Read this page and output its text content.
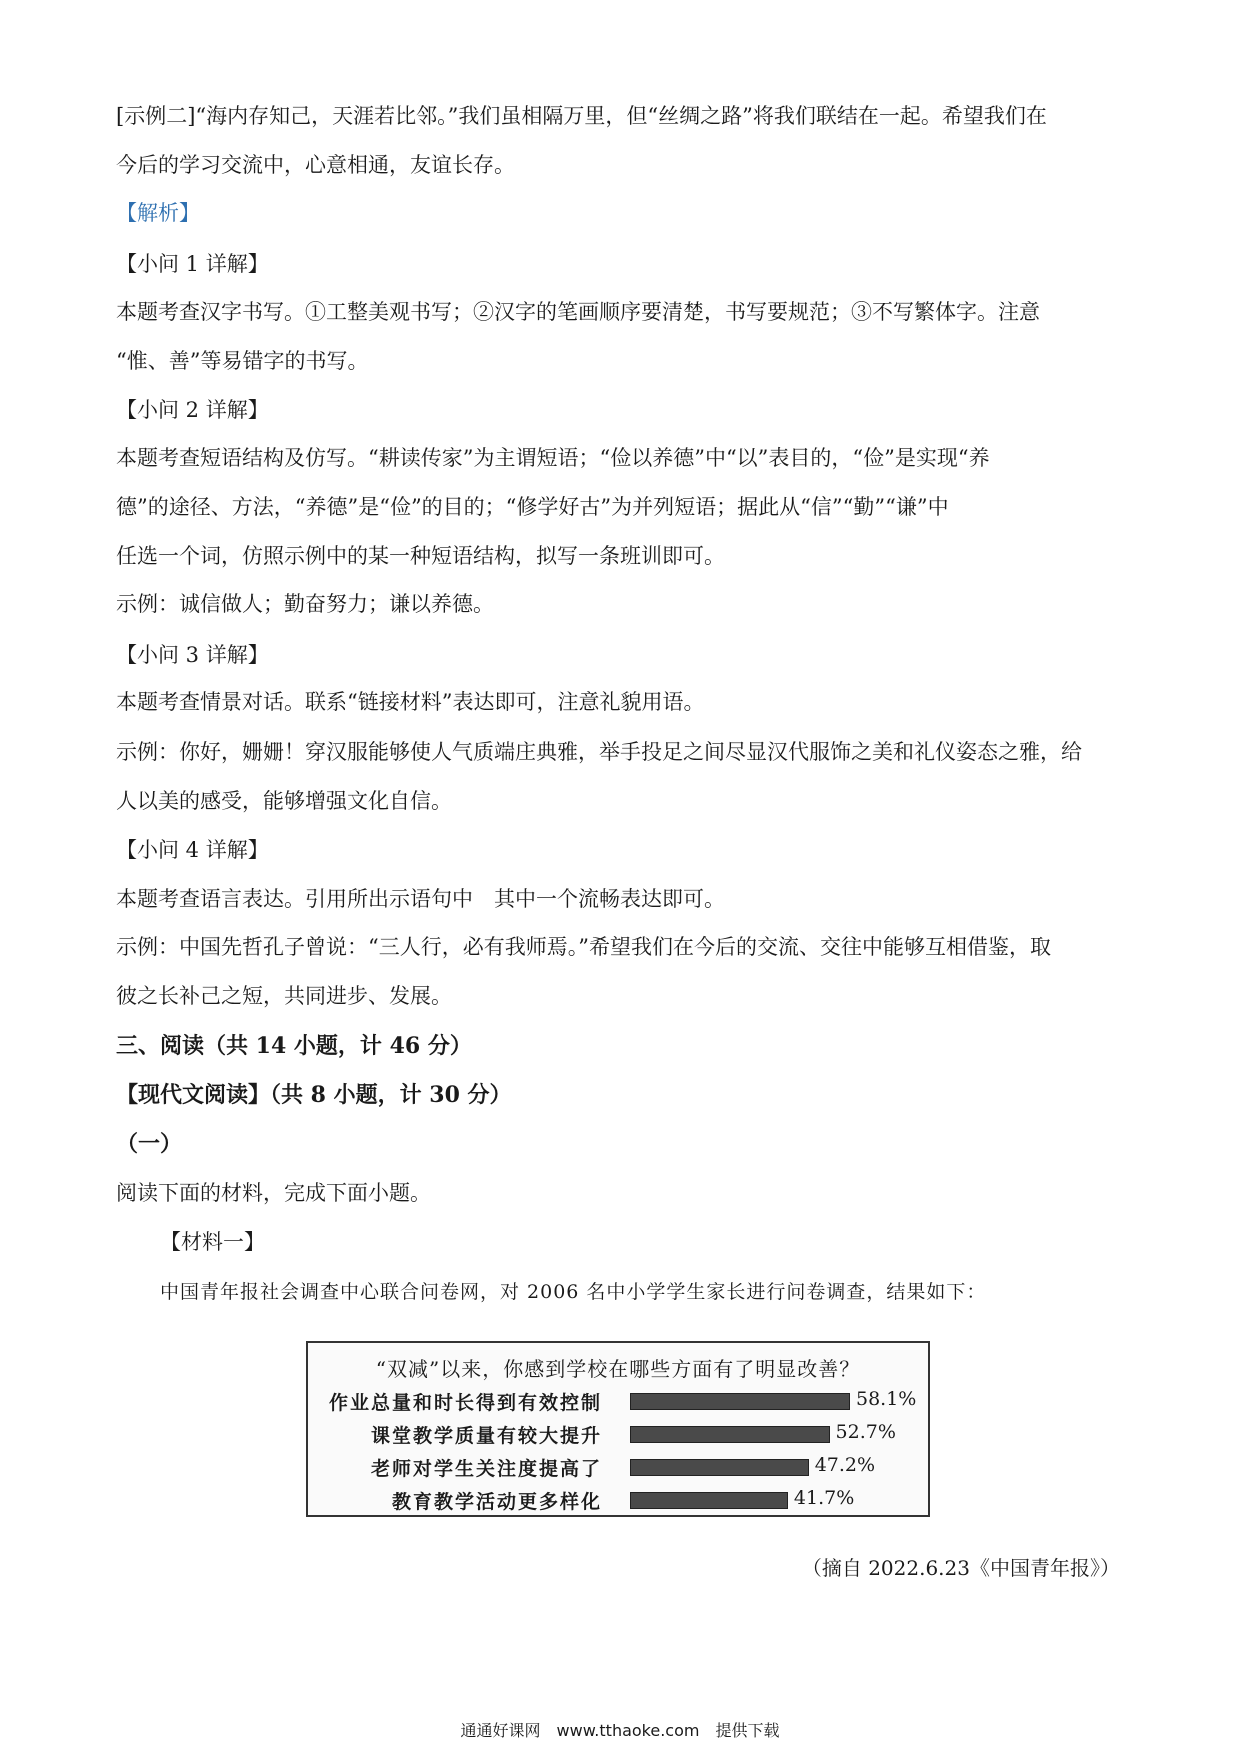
[示例二]“海内存知己，天涯若比邻。”我们虽相隔万里，但“丝绸之路”将我们联结在一起。希望我们在
今后的学习交流中，心意相通，友谊长存。
【解析】
【小问 1 详解】
本题考查汉字书写。①工整美观书写；②汉字的笔画顺序要清楚，书写要规范；③不写繁体字。注意
“惟、善”等易错字的书写。
【小问 2 详解】
本题考查短语结构及仿写。“耕读传家”为主谓短语；“俭以养德”中“以”表目的，“俭”是实现“养
德”的途径、方法，“养德”是“俭”的目的；“修学好古”为并列短语；据此从“信”“勤”“谦”中
任选一个词，仿照示例中的某一种短语结构，拟写一条班训即可。
示例：诚信做人；勤奋努力；谦以养德。
【小问 3 详解】
本题考查情景对话。联系“链接材料”表达即可，注意礼貌用语。
示例：你好，姗姗！穿汉服能够使人气质端庄典雅，举手投足之间尽显汉代服饰之美和礼仪姿态之雅，给
人以美的感受，能够增强文化自信。
【小问 4 详解】
本题考查语言表达。引用所出示语句中　其中一个流畅表达即可。
示例：中国先哲孔子曾说：“三人行，必有我师焉。”希望我们在今后的交流、交往中能够互相借鉴，取
彼之长补己之短，共同进步、发展。
三、阅读（共 14 小题，计 46 分）
【现代文阅读】（共 8 小题，计 30 分）
（一）
阅读下面的材料，完成下面小题。
【材料一】
中国青年报社会调查中心联合问卷网，对 2006 名中小学学生家长进行问卷调查，结果如下：
“双减”以来，你感到学校在哪些方面有了明显改善？
作业总量和时长得到有效控制	58.1%
课堂教学质量有较大提升	52.7%
老师对学生关注度提高了	47.2%
教育教学活动更多样化	41.7%
（摘自 2022.6.23《中国青年报》）
通通好课网　www.tthaoke.com　提供下载
